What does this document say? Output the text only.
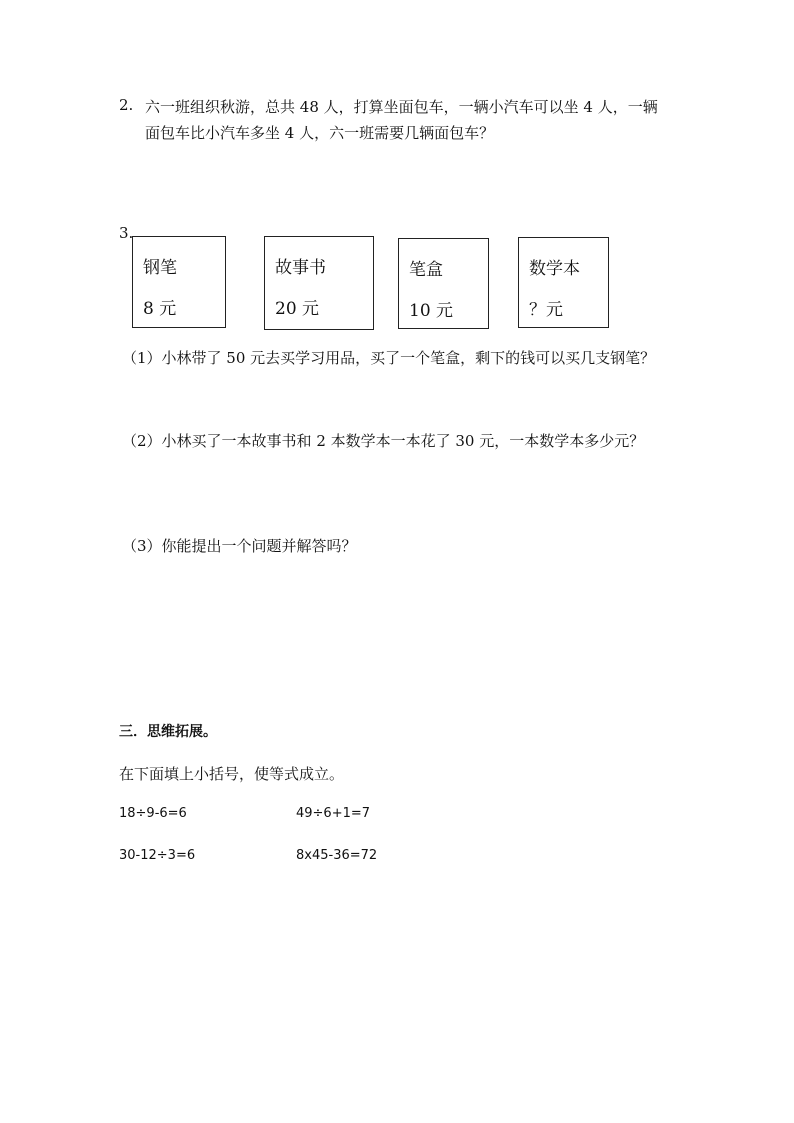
2. 六一班组织秋游，总共 48 人，打算坐面包车，一辆小汽车可以坐 4 人，一辆
面包车比小汽车多坐 4 人，六一班需要几辆面包车？
3.
钢笔
8 元
故事书
20 元
笔盒
10 元
数学本
？元
（1）小林带了 50 元去买学习用品，买了一个笔盒，剩下的钱可以买几支钢笔？
（2）小林买了一本故事书和 2 本数学本一本花了 30 元，一本数学本多少元？
（3）你能提出一个问题并解答吗？
三．思维拓展。
在下面填上小括号，使等式成立。
18÷9-6=6	49÷6+1=7
30-12÷3=6	8x45-36=72
